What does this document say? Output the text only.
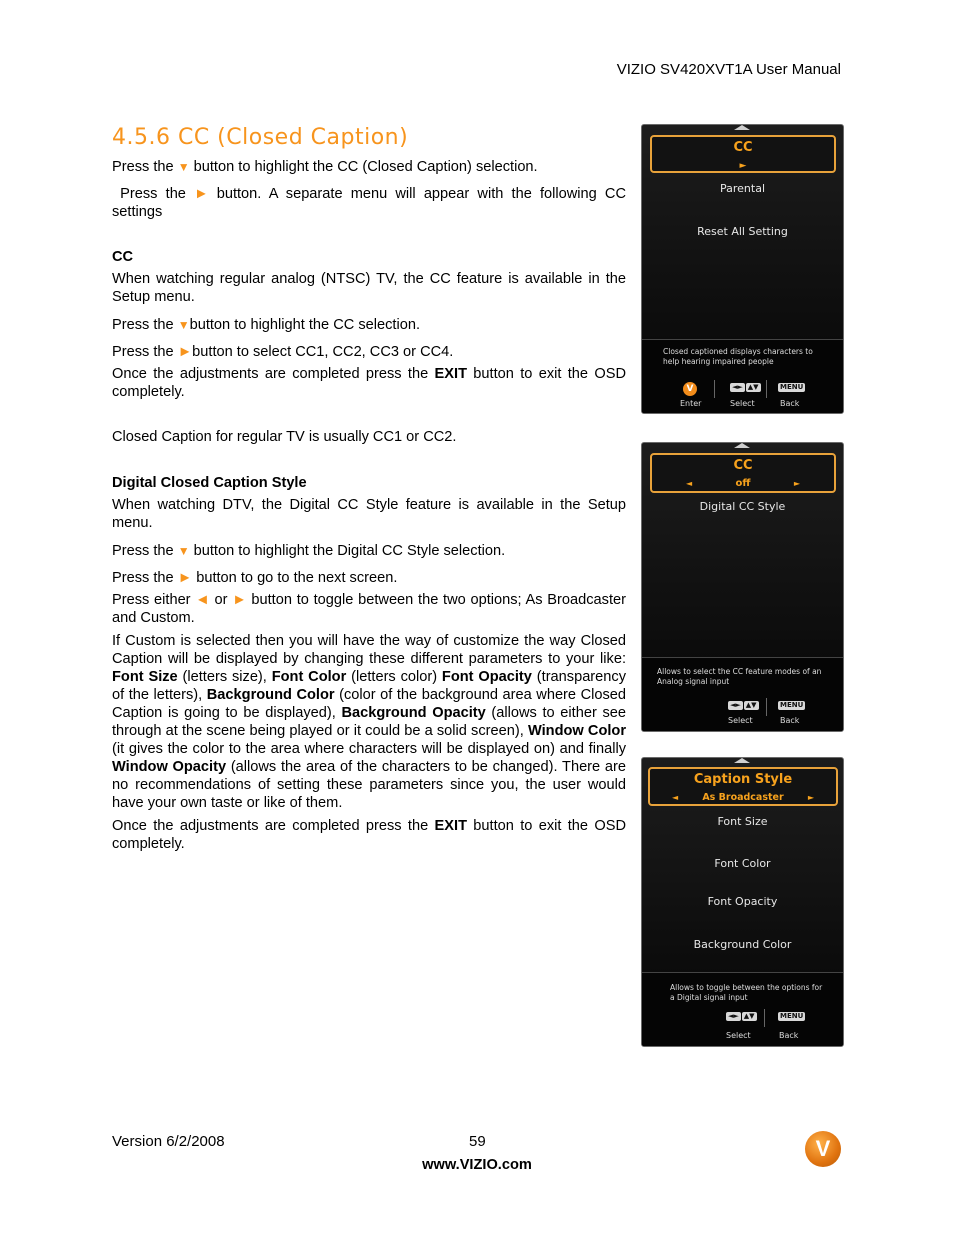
VIZIO SV420XVT1A User Manual
4.5.6 CC (Closed Caption)

Press the ▼ button to highlight the CC (Closed Caption) selection.

Press the ► button. A separate menu will appear with the following CC settings

CC

When watching regular analog (NTSC) TV, the CC feature is available in the Setup menu.

Press the ▼button to highlight the CC selection.

Press the ►button to select CC1, CC2, CC3 or CC4.

Once the adjustments are completed press the EXIT button to exit the OSD completely.

Closed Caption for regular TV is usually CC1 or CC2.

Digital Closed Caption Style

When watching DTV, the Digital CC Style feature is available in the Setup menu.

Press the ▼ button to highlight the Digital CC Style selection.

Press the ► button to go to the next screen.

Press either ◄ or ► button to toggle between the two options; As Broadcaster and Custom.

If Custom is selected then you will have the way of customize the way Closed Caption will be displayed by changing these different parameters to your like: Font Size (letters size), Font Color (letters color) Font Opacity (transparency of the letters), Background Color (color of the background area where Closed Caption is going to be displayed), Background Opacity (allows to either see through at the scene being played or it could be a solid screen), Window Color (it gives the color to the area where characters will be displayed on) and finally Window Opacity (allows the area of the characters to be changed). There are no recommendations of setting these parameters since you, the user would have your own taste or like of them.

Once the adjustments are completed press the EXIT button to exit the OSD completely.

CC
►
Parental
Reset All Setting
Closed captioned displays characters to help hearing impaired people
V	◄► ▲▼	MENU
Enter	Select	Back
CC
◄	off	►
Digital CC Style
Allows to select the CC feature modes of an Analog signal input
◄► ▲▼	MENU
Select	Back
Caption Style
◄	As Broadcaster	►
Font Size
Font Color
Font Opacity
Background Color
Allows to toggle between the options for a Digital signal input
◄► ▲▼	MENU
Select	Back
Version 6/2/2008	59
www.VIZIO.com
V
